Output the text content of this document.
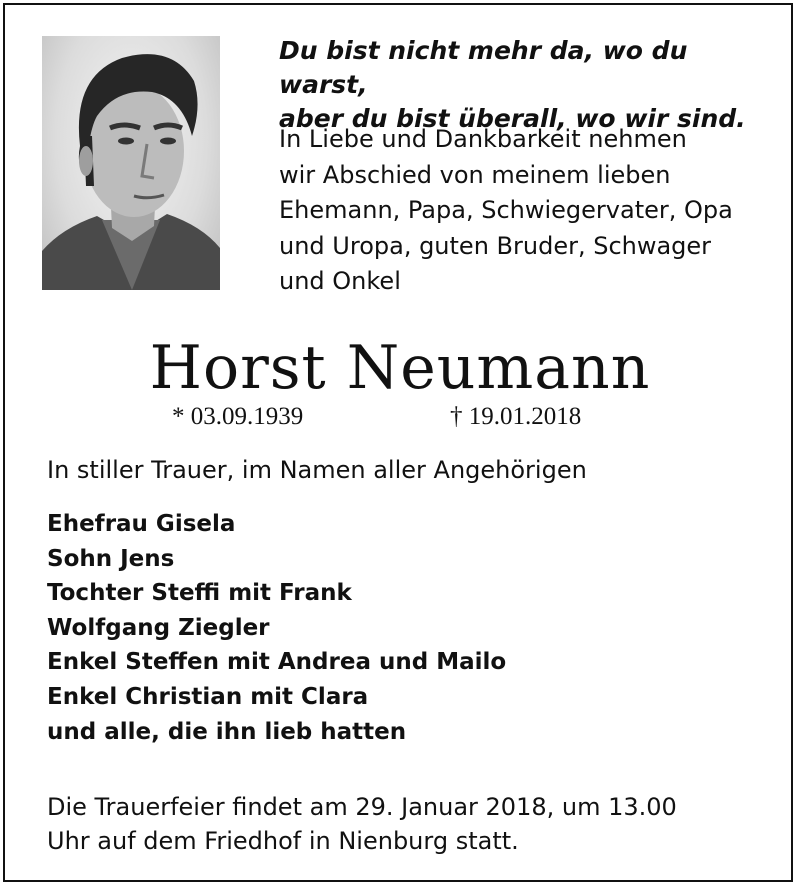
Du bist nicht mehr da, wo du warst,
aber du bist überall, wo wir sind.
In Liebe und Dankbarkeit nehmen
wir Abschied von meinem lieben
Ehemann, Papa, Schwiegervater, Opa
und Uropa, guten Bruder, Schwager
und Onkel
Horst Neumann
* 03.09.1939	† 19.01.2018
In stiller Trauer, im Namen aller Angehörigen
Ehefrau Gisela
Sohn Jens
Tochter Steffi mit Frank
Wolfgang Ziegler
Enkel Steffen mit Andrea und Mailo
Enkel Christian mit Clara
und alle, die ihn lieb hatten
Die Trauerfeier findet am 29. Januar 2018, um 13.00
Uhr auf dem Friedhof in Nienburg statt.
